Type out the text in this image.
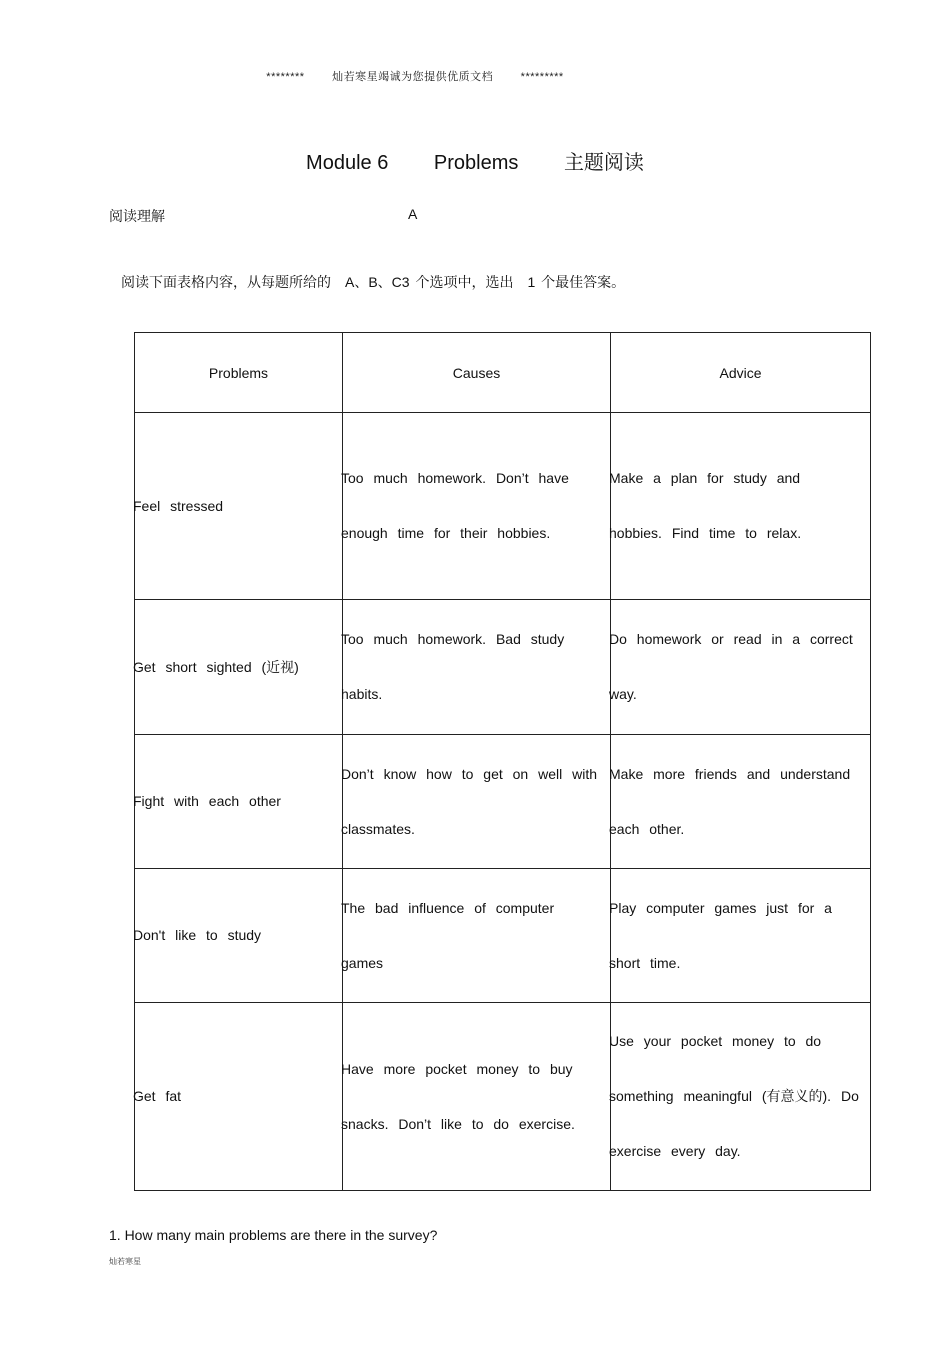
********	灿若寒星竭诚为您提供优质文档	*********
Module 6 Problems 主题阅读
阅读理解	A
阅读下面表格内容，从每题所给的　A、B、C3 个选项中，选出　1 个最佳答案。
Problems	Causes	Advice

Feel stressed	Too much homework. Don’t have enough time for their hobbies.	Make a plan for study and hobbies. Find time to relax.

Get short sighted (近视)	Too much homework. Bad study habits.	Do homework or read in a correct way.

Fight with each other	Don’t know how to get on well with classmates.	Make more friends and understand each other.

Don't like to study	The bad influence of computer games	Play computer games just for a short time.

Get fat	Have more pocket money to buy snacks. Don’t like to do exercise.	Use your pocket money to do something meaningful (有意义的). Do exercise every day.
1. How many main problems are there in the survey?
灿若寒星
